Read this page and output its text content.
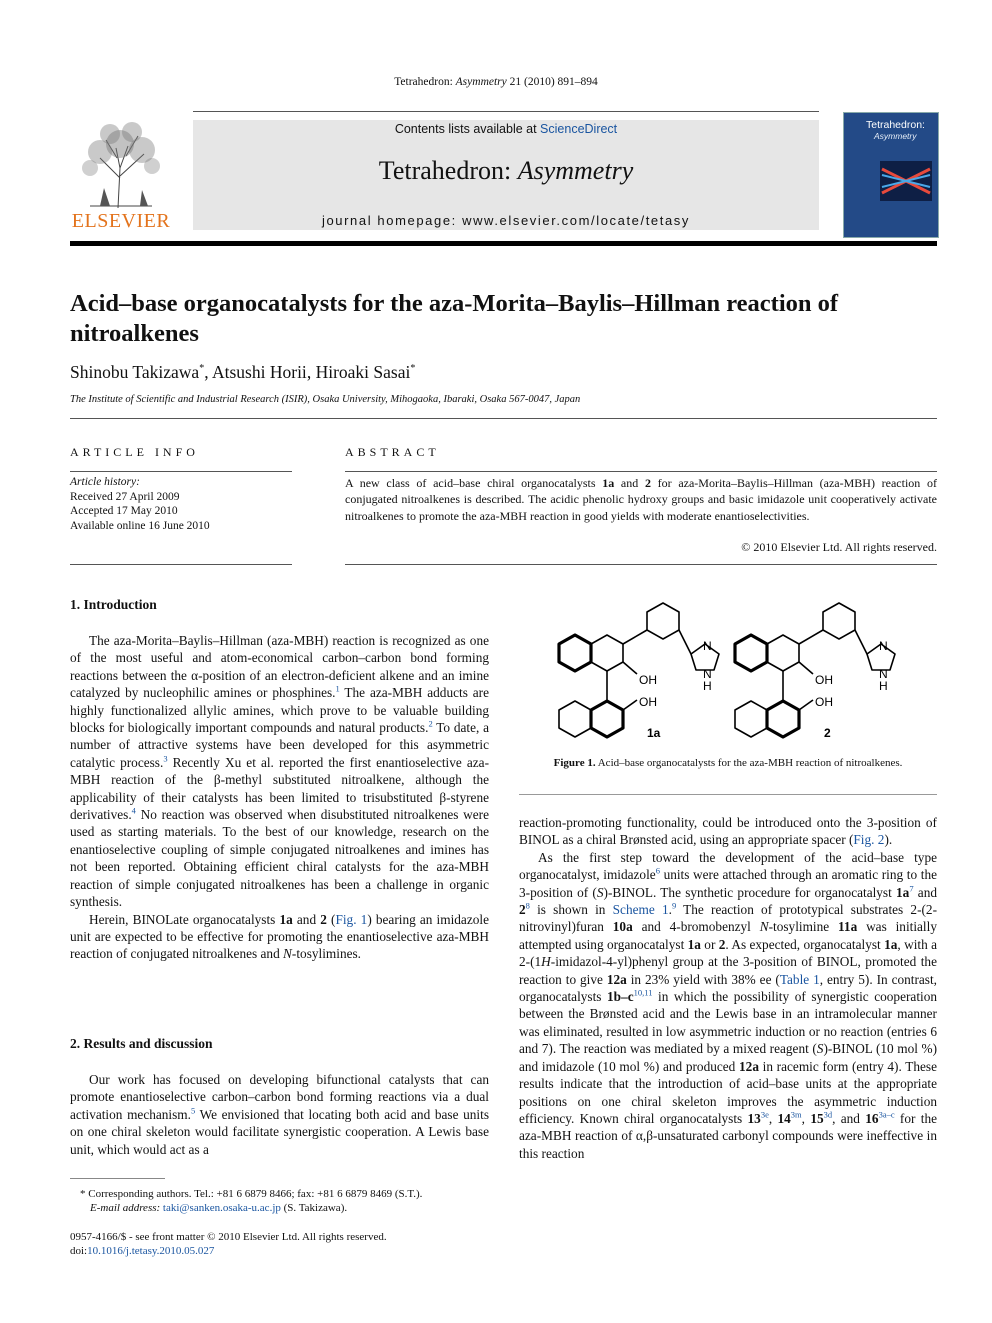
Tetrahedron: Asymmetry 21 (2010) 891–894
ELSEVIER
Contents lists available at ScienceDirect
Tetrahedron: Asymmetry
journal homepage: www.elsevier.com/locate/tetasy
Tetrahedron:
Asymmetry
Acid–base organocatalysts for the aza-Morita–Baylis–Hillman reaction of nitroalkenes
Shinobu Takizawa*, Atsushi Horii, Hiroaki Sasai*
The Institute of Scientific and Industrial Research (ISIR), Osaka University, Mihogaoka, Ibaraki, Osaka 567-0047, Japan
ARTICLE INFO
Article history:
Received 27 April 2009
Accepted 17 May 2010
Available online 16 June 2010
ABSTRACT
A new class of acid–base chiral organocatalysts 1a and 2 for aza-Morita–Baylis–Hillman (aza-MBH) reaction of conjugated nitroalkenes is described. The acidic phenolic hydroxy groups and basic imidazole unit cooperatively activate nitroalkenes to promote the aza-MBH reaction in good yields with moderate enantioselectivities.
© 2010 Elsevier Ltd. All rights reserved.
1. Introduction

The aza-Morita–Baylis–Hillman (aza-MBH) reaction is recognized as one of the most useful and atom-economical carbon–carbon bond forming reactions between the α-position of an electron-deficient alkene and an imine catalyzed by nucleophilic amines or phosphines.$^1$ The aza-MBH adducts are highly functionalized allylic amines, which prove to be valuable building blocks for biologically important compounds and natural products.$^2$ To date, a number of attractive systems have been developed for this asymmetric catalytic process.$^3$ Recently Xu et al. reported the first enantioselective aza-MBH reaction of the β-methyl substituted nitroalkene, although the applicability of their catalysts has been limited to trisubstituted β-styrene derivatives.$^4$ No reaction was observed when disubstituted nitroalkenes were used as starting materials. To the best of our knowledge, research on the enantioselective coupling of simple conjugated nitroalkenes and imines has not been reported. Obtaining efficient chiral catalysts for the aza-MBH reaction of simple conjugated nitroalkenes has been a challenge in organic synthesis.

Herein, BINOLate organocatalysts 1a and 2 (Fig. 1) bearing an imidazole unit are expected to be effective for promoting the enantioselective aza-MBH reaction of conjugated nitroalkenes and N-tosylimines.

2. Results and discussion

Our work has focused on developing bifunctional catalysts that can promote enantioselective carbon–carbon bond forming reactions via a dual activation mechanism.$^5$ We envisioned that locating both acid and base units on one chiral skeleton would facilitate synergistic cooperation. A Lewis base unit, which would act as a

* Corresponding authors. Tel.: +81 6 6879 8466; fax: +81 6 6879 8469 (S.T.).
E-mail address: taki@sanken.osaka-u.ac.jp (S. Takizawa).
0957-4166/$ - see front matter © 2010 Elsevier Ltd. All rights reserved.
doi:10.1016/j.tetasy.2010.05.027
OH
OH
N
N
H
1a
OH
OH
N
N
H
2
Figure 1. Acid–base organocatalysts for the aza-MBH reaction of nitroalkenes.

reaction-promoting functionality, could be introduced onto the 3-position of BINOL as a chiral Brønsted acid, using an appropriate spacer (Fig. 2).

As the first step toward the development of the acid–base type organocatalyst, imidazole$^6$ units were attached through an aromatic ring to the 3-position of (S)-BINOL. The synthetic procedure for organocatalyst $1a^7$ and $2^8$ is shown in Scheme 1.$^9$ The reaction of prototypical substrates 2-(2-nitrovinyl)furan 10a and 4-bromobenzyl N-tosylimine 11a was initially attempted using organocatalyst 1a or 2. As expected, organocatalyst 1a, with a 2-(1H-imidazol-4-yl)phenyl group at the 3-position of BINOL, promoted the reaction to give 12a in 23% yield with 38% ee (Table 1, entry 5). In contrast, organocatalysts $1b-c^{10,11}$ in which the possibility of synergistic cooperation between the Brønsted acid and the Lewis base in an intramolecular manner was eliminated, resulted in low asymmetric induction or no reaction (entries 6 and 7). The reaction was mediated by a mixed reagent (S)-BINOL (10 mol %) and imidazole (10 mol %) and produced 12a in racemic form (entry 4). These results indicate that the introduction of acid–base units at the appropriate positions on one chiral skeleton improves the asymmetric induction efficiency. Known chiral organocatalysts $13^{3e}$, $14^{3m}$, $15^{3d}$, and $16^{3a-c}$ for the aza-MBH reaction of α,β-unsaturated carbonyl compounds were ineffective in this reaction
